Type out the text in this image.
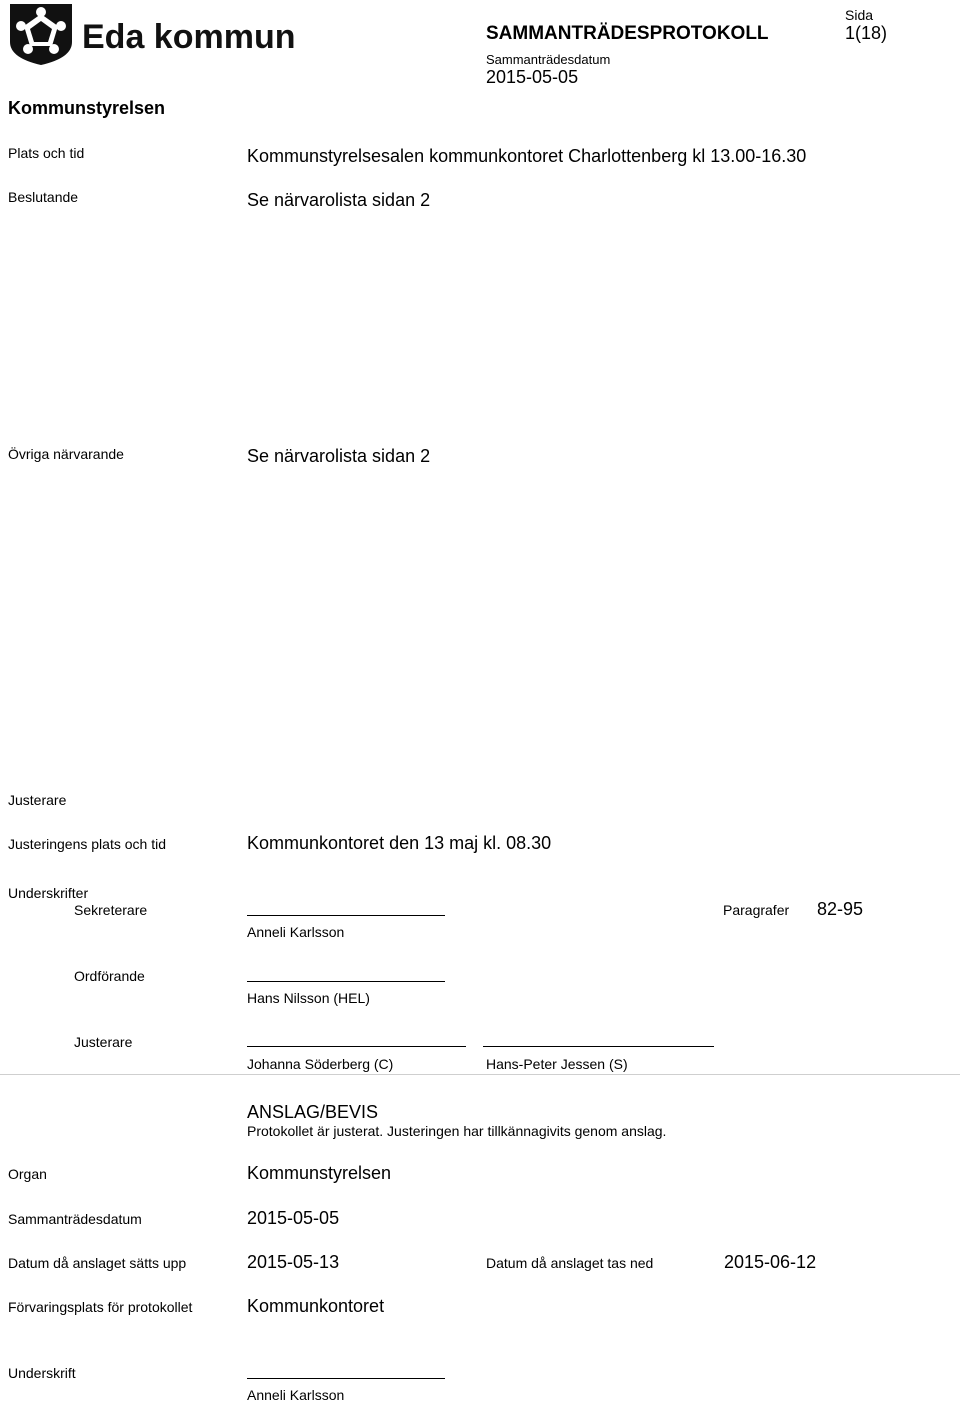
Eda kommun	SAMMANTRÄDESPROTOKOLL
Sammanträdesdatum
2015-05-05
Sida
1(18)
Kommunstyrelsen
Plats och tid	Kommunstyrelsesalen kommunkontoret Charlottenberg kl 13.00-16.30
Beslutande	Se närvarolista sidan 2
Övriga närvarande	Se närvarolista sidan 2
Justerare
Justeringens plats och tid	Kommunkontoret den 13 maj kl. 08.30
Underskrifter
Sekreterare
Anneli Karlsson
Paragrafer 82-95
Ordförande
Hans Nilsson (HEL)
Justerare
Johanna Söderberg (C)	Hans-Peter Jessen (S)
ANSLAG/BEVIS
Protokollet är justerat. Justeringen har tillkännagivits genom anslag.
Organ	Kommunstyrelsen
Sammanträdesdatum	2015-05-05
Datum då anslaget sätts upp	2015-05-13	Datum då anslaget tas ned	2015-06-12
Förvaringsplats för protokollet	Kommunkontoret
Underskrift
Anneli Karlsson
